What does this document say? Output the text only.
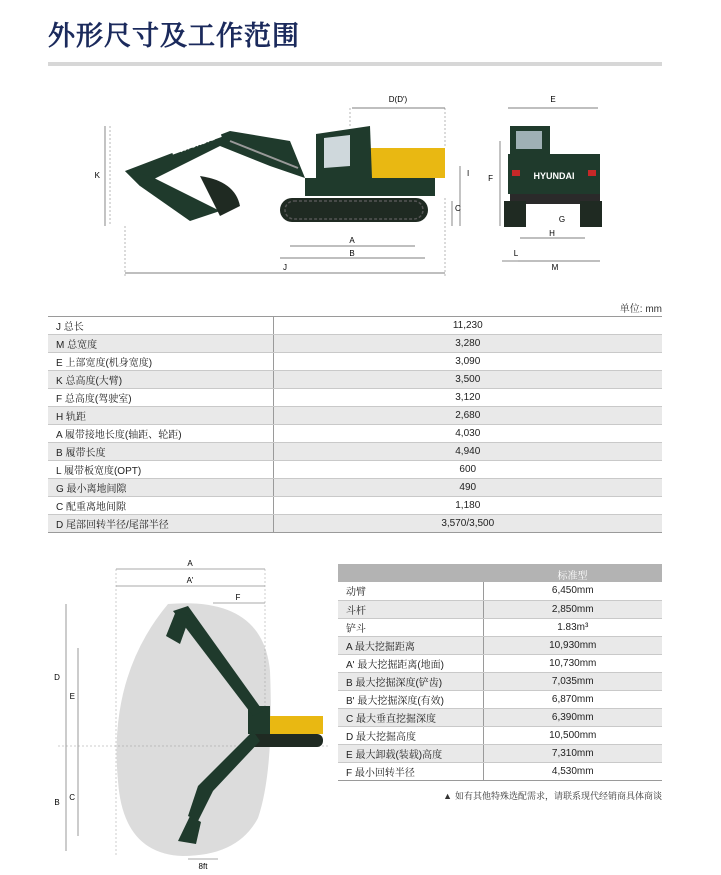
外形尺寸及工作范围
D(D')
K	I
C
A
B
J
E
F
G
H
L
M
HYUNDAI
HYUNDAI
单位: mm
J 总长	11,230
M 总宽度	3,280
E 上部宽度(机身宽度)	3,090
K 总高度(大臂)	3,500
F 总高度(驾驶室)	3,120
H 轨距	2,680
A 履带接地长度(轴距、轮距)	4,030
B 履带长度	4,940
L 履带板宽度(OPT)	600
G 最小离地间隙	490
C 配重离地间隙	1,180
D 尾部回转半径/尾部半径	3,570/3,500
A
A'
F
D
E
B
C
8ft
标准型
动臂	6,450mm
斗杆	2,850mm
铲斗	1.83m³
A 最大挖掘距离	10,930mm
A' 最大挖掘距离(地面)	10,730mm
B 最大挖掘深度(铲齿)	7,035mm
B' 最大挖掘深度(有效)	6,870mm
C 最大垂直挖掘深度	6,390mm
D 最大挖掘高度	10,500mm
E 最大卸载(装载)高度	7,310mm
F 最小回转半径	4,530mm
▲ 如有其他特殊选配需求，请联系现代经销商具体商谈
